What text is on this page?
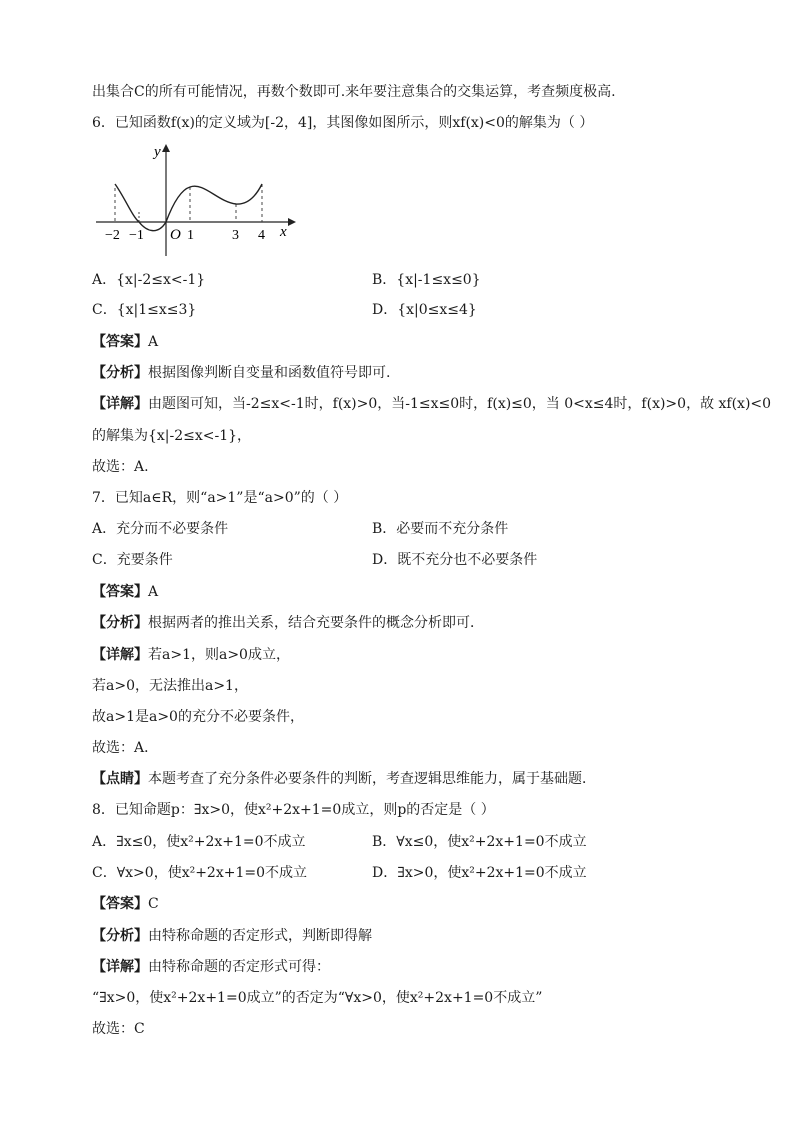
出集合C的所有可能情况，再数个数即可.来年要注意集合的交集运算，考查频度极高.
6．已知函数f(x)的定义域为[-2，4]，其图像如图所示，则xf(x)<0的解集为（ ）
y
x
O
−2 −1	1	3 4
A．{x|-2≤x<-1}	B．{x|-1≤x≤0}
C．{x|1≤x≤3}	D．{x|0≤x≤4}
【答案】A
【分析】根据图像判断自变量和函数值符号即可.
【详解】由题图可知，当-2≤x<-1时，f(x)>0，当-1≤x≤0时，f(x)≤0，当 0<x≤4时，f(x)>0，故 xf(x)<0
的解集为{x|-2≤x<-1}，
故选：A.
7．已知a∈R，则“a>1”是“a>0”的（ ）
A．充分而不必要条件	B．必要而不充分条件
C．充要条件	D．既不充分也不必要条件
【答案】A
【分析】根据两者的推出关系，结合充要条件的概念分析即可．
【详解】若a>1，则a>0成立，
若a>0，无法推出a>1，
故a>1是a>0的充分不必要条件，
故选：A．
【点睛】本题考查了充分条件必要条件的判断，考查逻辑思维能力，属于基础题．
8．已知命题p：∃x>0，使x²+2x+1=0成立，则p的否定是（ ）
A．∃x≤0，使x²+2x+1=0不成立	B．∀x≤0，使x²+2x+1=0不成立
C．∀x>0，使x²+2x+1=0不成立	D．∃x>0，使x²+2x+1=0不成立
【答案】C
【分析】由特称命题的否定形式，判断即得解
【详解】由特称命题的否定形式可得：
“∃x>0，使x²+2x+1=0成立”的否定为“∀x>0，使x²+2x+1=0不成立”
故选：C
